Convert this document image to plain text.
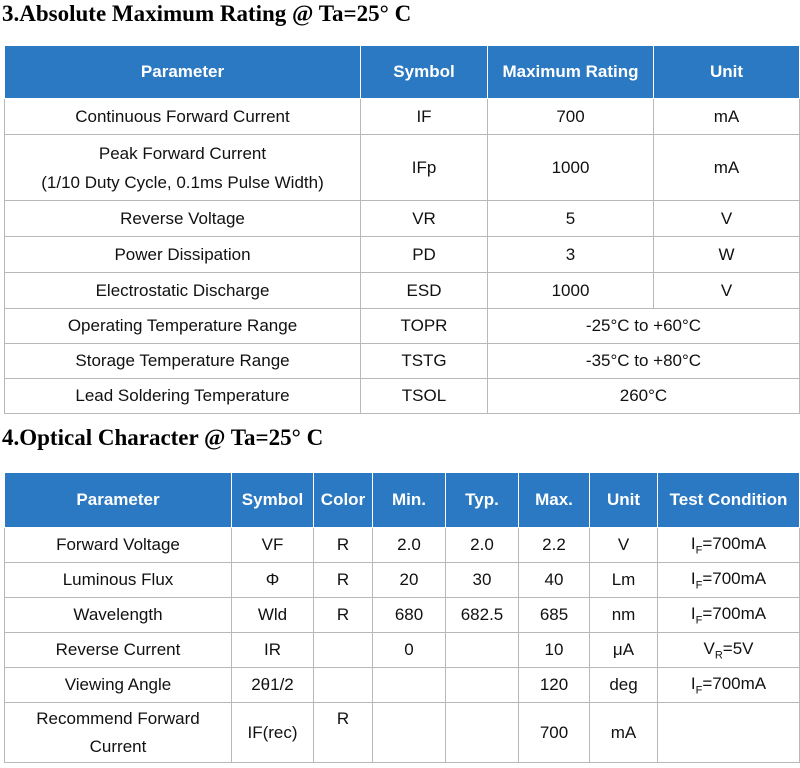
3.Absolute Maximum Rating @ Ta=25° C
Parameter	Symbol	Maximum Rating	Unit
Continuous Forward Current	IF	700	mA

Peak Forward Current
(1/10 Duty Cycle, 0.1ms Pulse Width)	IFp	1000	mA
Reverse Voltage	VR	5	V
Power Dissipation	PD	3	W
Electrostatic Discharge	ESD	1000	V
Operating Temperature Range	TOPR	-25°C to +60°C	
Storage Temperature Range	TSTG	-35°C to +80°C	
Lead Soldering Temperature	TSOL	260°C	
4.Optical Character @ Ta=25° C
Parameter	Symbol	Color	Min.	Typ.	Max.	Unit	Test Condition
Forward Voltage	VF	R	2.0	2.0	2.2	V	$I_F=700mA$
Luminous Flux	Φ	R	20	30	40	Lm	$I_F=700mA$
Wavelength	Wld	R	680	682.5	685	nm	$I_F=700mA$
Reverse Current	IR		0		10	μA	$V_R=5V$
Viewing Angle	2θ1/2				120	deg	$I_F=700mA$

Recommend Forward
Current	IF(rec)	R			700	mA	
